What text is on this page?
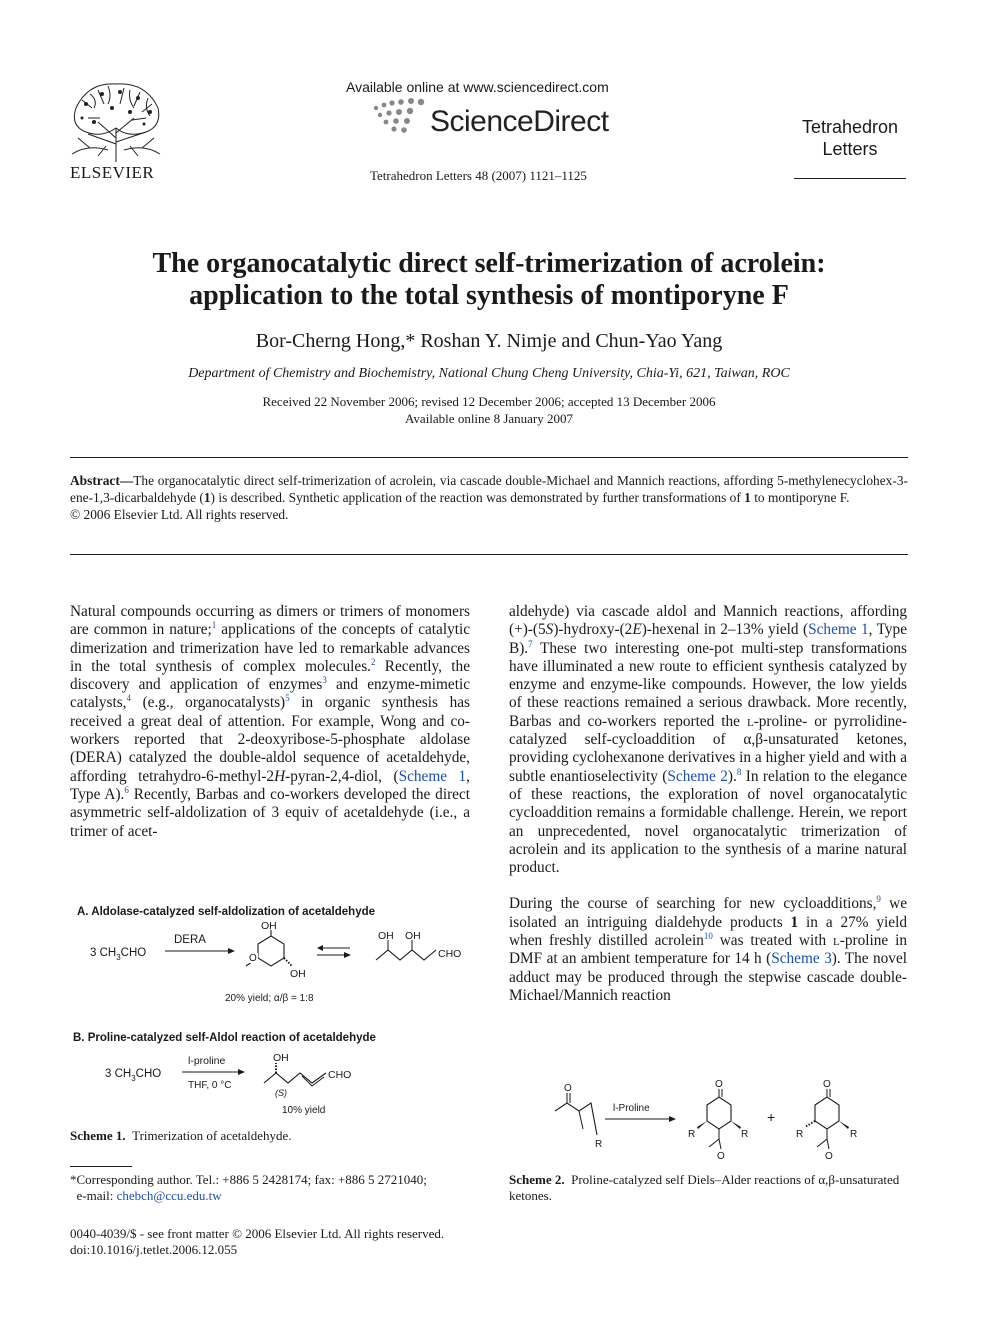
ELSEVIER
Available online at www.sciencedirect.com
ScienceDirect
Tetrahedron Letters 48 (2007) 1121–1125
Tetrahedron
Letters
The organocatalytic direct self-trimerization of acrolein:
application to the total synthesis of montiporyne F
Bor-Cherng Hong,* Roshan Y. Nimje and Chun-Yao Yang
Department of Chemistry and Biochemistry, National Chung Cheng University, Chia-Yi, 621, Taiwan, ROC
Received 22 November 2006; revised 12 December 2006; accepted 13 December 2006
Available online 8 January 2007
Abstract—The organocatalytic direct self-trimerization of acrolein, via cascade double-Michael and Mannich reactions, affording 5-methylenecyclohex-3-ene-1,3-dicarbaldehyde (1) is described. Synthetic application of the reaction was demonstrated by further transformations of 1 to montiporyne F.
© 2006 Elsevier Ltd. All rights reserved.

Natural compounds occurring as dimers or trimers of monomers are common in nature;$^1$ applications of the concepts of catalytic dimerization and trimerization have led to remarkable advances in the total synthesis of complex molecules.$^2$ Recently, the discovery and application of enzymes$^3$ and enzyme-mimetic catalysts,$^4$ (e.g., organocatalysts)$^5$ in organic synthesis has received a great deal of attention. For example, Wong and co-workers reported that 2-deoxyribose-5-phosphate aldolase (DERA) catalyzed the double-aldol sequence of acetaldehyde, affording tetrahydro-6-methyl-2H-pyran-2,4-diol, (Scheme 1, Type A).$^6$ Recently, Barbas and co-workers developed the direct asymmetric self-aldolization of 3 equiv of acetaldehyde (i.e., a trimer of acet-

A. Aldolase-catalyzed self-aldolization of acetaldehyde
3 $CH_3CHO$
DERA
O
OH
OH
OH OH
CHO
20% yield; α/β = 1:8
B. Proline-catalyzed self-Aldol reaction of acetaldehyde
3 $CH_3CHO$
l-proline
THF, 0 °C
OH
(S)
CHO
10% yield
Scheme 1. Trimerization of acetaldehyde.
*Corresponding author. Tel.: +886 5 2428174; fax: +886 5 2721040;
e-mail: chebch@ccu.edu.tw
0040-4039/$ - see front matter © 2006 Elsevier Ltd. All rights reserved.
doi:10.1016/j.tetlet.2006.12.055

aldehyde) via cascade aldol and Mannich reactions, affording (+)-(5S)-hydroxy-(2E)-hexenal in 2–13% yield (Scheme 1, Type B).$^7$ These two interesting one-pot multi-step transformations have illuminated a new route to efficient synthesis catalyzed by enzyme and enzyme-like compounds. However, the low yields of these reactions remained a serious drawback. More recently, Barbas and co-workers reported the l-proline- or pyrrolidine-catalyzed self-cycloaddition of α,β-unsaturated ketones, providing cyclohexanone derivatives in a higher yield and with a subtle enantioselectivity (Scheme 2).$^8$ In relation to the elegance of these reactions, the exploration of novel organocatalytic cycloaddition remains a formidable challenge. Herein, we report an unprecedented, novel organocatalytic trimerization of acrolein and its application to the synthesis of a marine natural product.

During the course of searching for new cycloadditions,$^9$ we isolated an intriguing dialdehyde products 1 in a 27% yield when freshly distilled acrolein$^{10}$ was treated with l-proline in DMF at an ambient temperature for 14 h (Scheme 3). The novel adduct may be produced through the stepwise cascade double-Michael/Mannich reaction

O
R
l-Proline
O
R	R
O
+
O
R	R
O
Scheme 2. Proline-catalyzed self Diels–Alder reactions of α,β-unsaturated ketones.
